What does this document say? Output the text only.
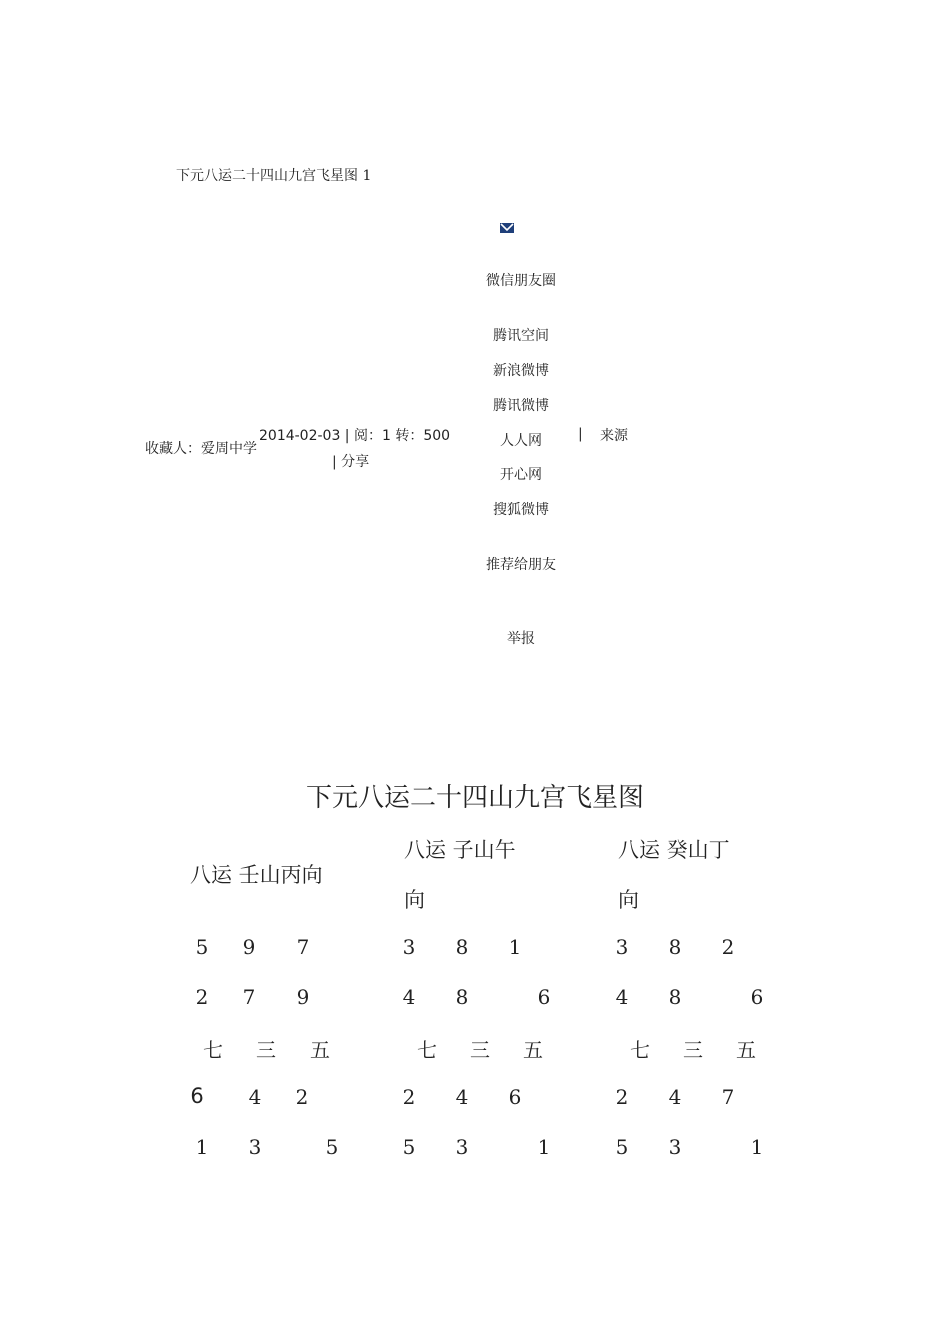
下元八运二十四山九宫飞星图 1
微信朋友圈
腾讯空间
新浪微博
腾讯微博
人人网
开心网
搜狐微博
推荐给朋友
举报
收藏人：爱周中学
2014-02-03 | 阅：1 转：500
| 分享
| 来源
下元八运二十四山九宫飞星图
八运 壬山丙向
八运 子山午
向
八运 癸山丁
向
5 9 7
2 7 9
七 三 五
6 4 2
1 3	5
3 8 1
4 8	6
七 三 五
2 4 6
5 3	1
3 8 2
4 8	6
七 三 五
2 4 7
5 3	1
